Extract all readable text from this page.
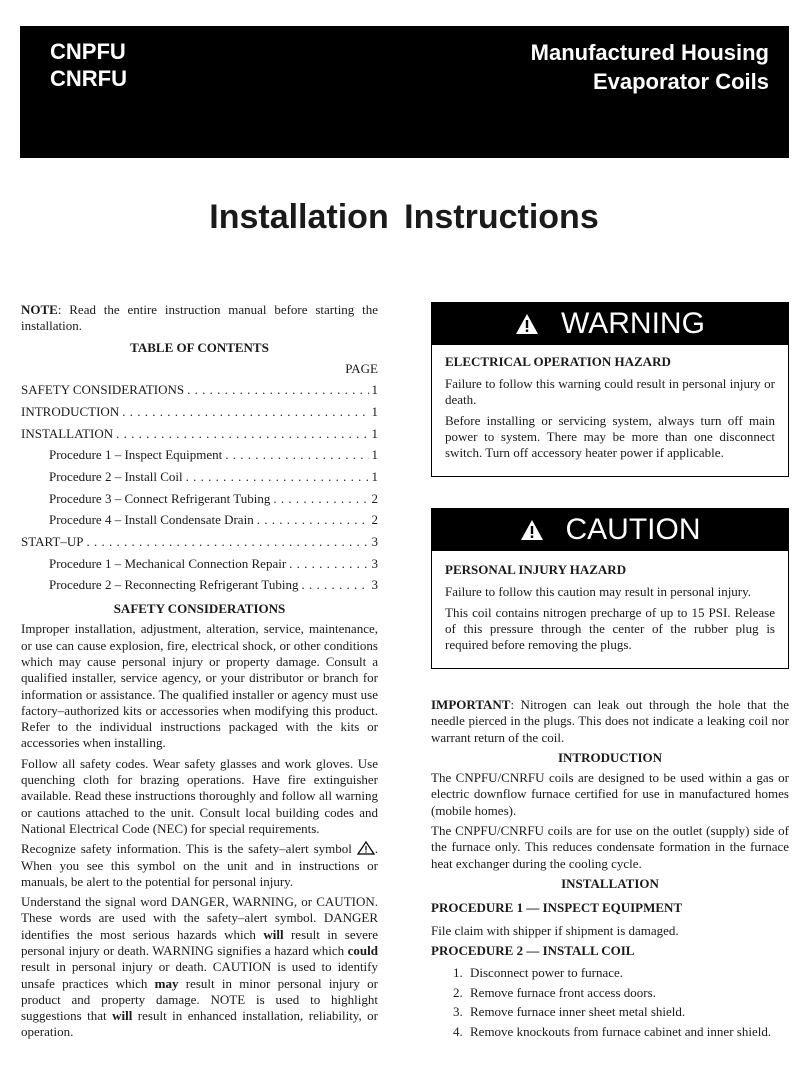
CNPFU
CNRFU
Manufactured Housing
Evaporator Coils
Installation Instructions

NOTE: Read the entire instruction manual before starting the installation.

TABLE OF CONTENTS
PAGE
SAFETY CONSIDERATIONS . . .	1
INTRODUCTION . . .	1
INSTALLATION . . .	1
Procedure 1 – Inspect Equipment . . .	1
Procedure 2 – Install Coil . . .	1
Procedure 3 – Connect Refrigerant Tubing . . .	2
Procedure 4 – Install Condensate Drain . . .	2
START–UP . . .	3
Procedure 1 – Mechanical Connection Repair . . .	3
Procedure 2 – Reconnecting Refrigerant Tubing . . .	3
SAFETY CONSIDERATIONS

Improper installation, adjustment, alteration, service, maintenance, or use can cause explosion, fire, electrical shock, or other conditions which may cause personal injury or property damage. Consult a qualified installer, service agency, or your distributor or branch for information or assistance. The qualified installer or agency must use factory–authorized kits or accessories when modifying this product. Refer to the individual instructions packaged with the kits or accessories when installing.

Follow all safety codes. Wear safety glasses and work gloves. Use quenching cloth for brazing operations. Have fire extinguisher available. Read these instructions thoroughly and follow all warning or cautions attached to the unit. Consult local building codes and National Electrical Code (NEC) for special requirements.

Recognize safety information. This is the safety–alert symbol . When you see this symbol on the unit and in instructions or manuals, be alert to the potential for personal injury.

Understand the signal word DANGER, WARNING, or CAUTION. These words are used with the safety–alert symbol. DANGER identifies the most serious hazards which will result in severe personal injury or death. WARNING signifies a hazard which could result in personal injury or death. CAUTION is used to identify unsafe practices which may result in minor personal injury or product and property damage. NOTE is used to highlight suggestions that will result in enhanced installation, reliability, or operation.

WARNING
ELECTRICAL OPERATION HAZARD

Failure to follow this warning could result in personal injury or death.

Before installing or servicing system, always turn off main power to system. There may be more than one disconnect switch. Turn off accessory heater power if applicable.

CAUTION
PERSONAL INJURY HAZARD

Failure to follow this caution may result in personal injury.

This coil contains nitrogen precharge of up to 15 PSI. Release of this pressure through the center of the rubber plug is required before removing the plugs.

IMPORTANT: Nitrogen can leak out through the hole that the needle pierced in the plugs. This does not indicate a leaking coil nor warrant return of the coil.

INTRODUCTION

The CNPFU/CNRFU coils are designed to be used within a gas or electric downflow furnace certified for use in manufactured homes (mobile homes).

The CNPFU/CNRFU coils are for use on the outlet (supply) side of the furnace only. This reduces condensate formation in the furnace heat exchanger during the cooling cycle.

INSTALLATION
PROCEDURE 1 — INSPECT EQUIPMENT

File claim with shipper if shipment is damaged.

PROCEDURE 2 — INSTALL COIL
1. Disconnect power to furnace.
2. Remove furnace front access doors.
3. Remove furnace inner sheet metal shield.
4. Remove knockouts from furnace cabinet and inner shield.
